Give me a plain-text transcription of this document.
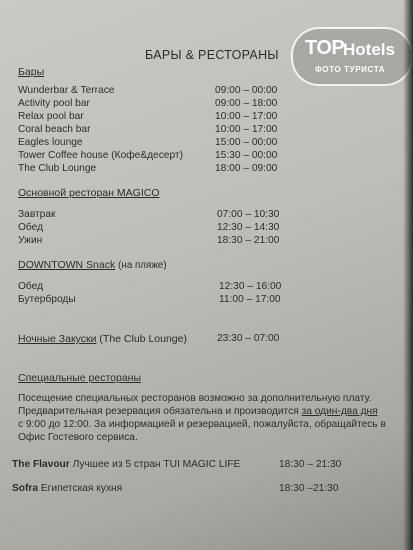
БАРЫ & РЕСТОРАНЫ TOP
Hotels
ФОТО ТУРИСТА
Бары
Wunderbar & Terrace	09:00 – 00:00
Activity pool bar	09:00 – 18:00
Relax pool bar	10:00 – 17:00
Coral beach bar	10:00 – 17:00
Eagles lounge	15:00 – 00:00
Tower Coffee house (Кофе&десерт)	15:30 – 00:00
The Club Lounge	18:00 – 09:00
Основной ресторан MAGICO
Завтрак	07:00 – 10:30
Обед	12:30 – 14:30
Ужин	18:30 – 21:00
DOWNTOWN Snack (на пляже)
Обед	12:30 – 16:00
Бутерброды	11:00 – 17:00
Ночные Закуски (The Club Lounge)	23:30 – 07:00
Специальные рестораны
Посещение специальных ресторанов возможно за дополнительную плату.
Предварительная резервация обязательна и производится за один-два дня
с 9:00 до 12:00. За информацией и резервацией, пожалуйста, обращайтесь в
Офис Гостевого сервиса.
The Flavour Лучшее из 5 стран TUI MAGIC LIFE	18:30 – 21:30
Sofra Египетская кухня	18:30 –21:30
